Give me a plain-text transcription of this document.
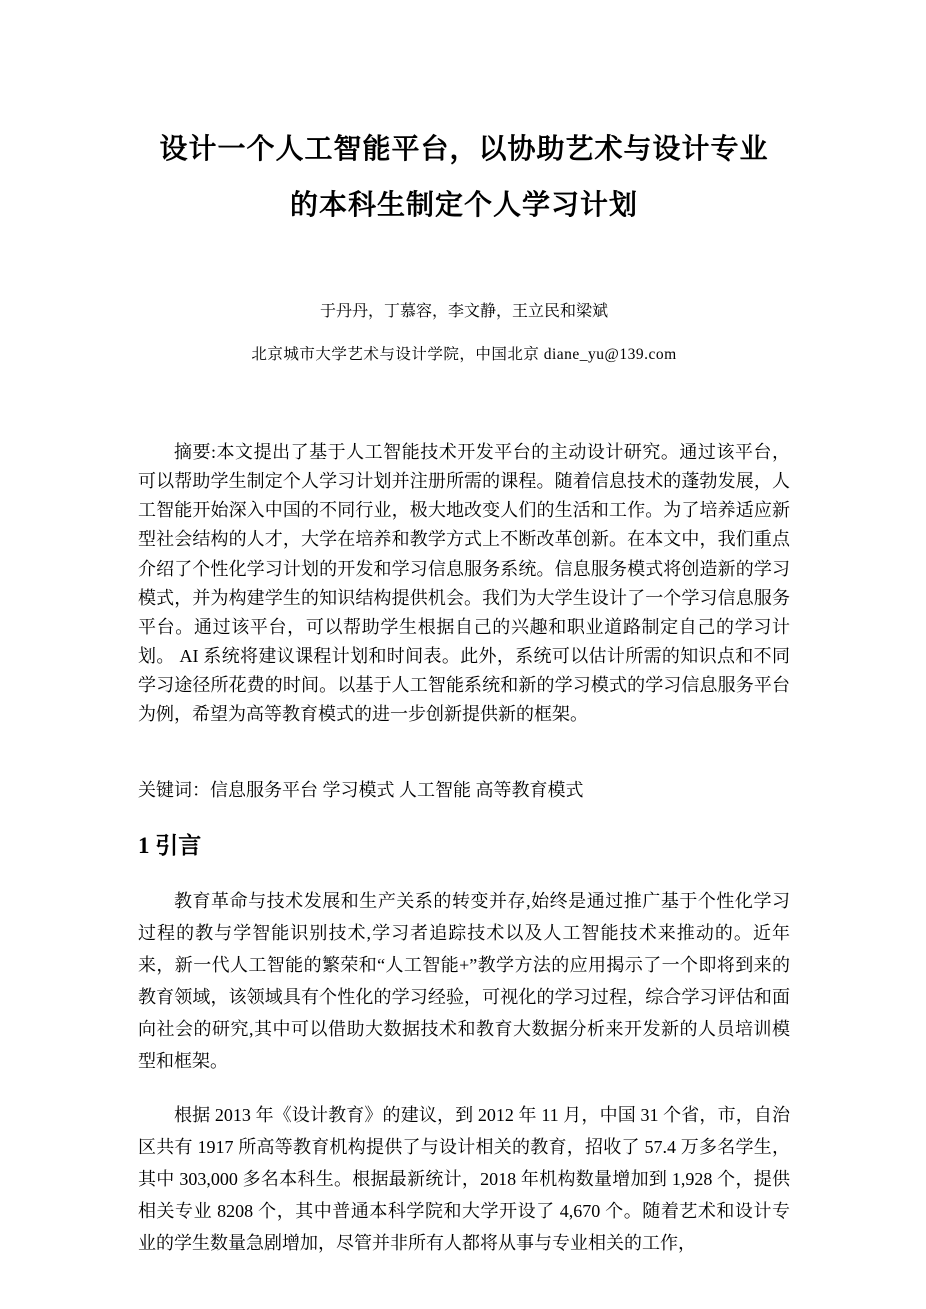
设计一个人工智能平台，以协助艺术与设计专业
的本科生制定个人学习计划
于丹丹，丁慕容，李文静，王立民和梁斌
北京城市大学艺术与设计学院，中国北京 diane_yu@139.com

摘要:本文提出了基于人工智能技术开发平台的主动设计研究。通过该平台，可以帮助学生制定个人学习计划并注册所需的课程。随着信息技术的蓬勃发展，人工智能开始深入中国的不同行业，极大地改变人们的生活和工作。为了培养适应新型社会结构的人才，大学在培养和教学方式上不断改革创新。在本文中，我们重点介绍了个性化学习计划的开发和学习信息服务系统。信息服务模式将创造新的学习模式，并为构建学生的知识结构提供机会。我们为大学生设计了一个学习信息服务平台。通过该平台，可以帮助学生根据自己的兴趣和职业道路制定自己的学习计划。 AI 系统将建议课程计划和时间表。此外，系统可以估计所需的知识点和不同学习途径所花费的时间。以基于人工智能系统和新的学习模式的学习信息服务平台为例，希望为高等教育模式的进一步创新提供新的框架。

关键词：信息服务平台 学习模式 人工智能 高等教育模式

1 引言

教育革命与技术发展和生产关系的转变并存,始终是通过推广基于个性化学习过程的教与学智能识别技术,学习者追踪技术以及人工智能技术来推动的。近年来，新一代人工智能的繁荣和“人工智能+”教学方法的应用揭示了一个即将到来的教育领域，该领域具有个性化的学习经验，可视化的学习过程，综合学习评估和面向社会的研究,其中可以借助大数据技术和教育大数据分析来开发新的人员培训模型和框架。

根据 2013 年《设计教育》的建议，到 2012 年 11 月，中国 31 个省，市，自治区共有 1917 所高等教育机构提供了与设计相关的教育，招收了 57.4 万多名学生，其中 303,000 多名本科生。根据最新统计，2018 年机构数量增加到 1,928 个，提供相关专业 8208 个，其中普通本科学院和大学开设了 4,670 个。随着艺术和设计专业的学生数量急剧增加，尽管并非所有人都将从事与专业相关的工作，
